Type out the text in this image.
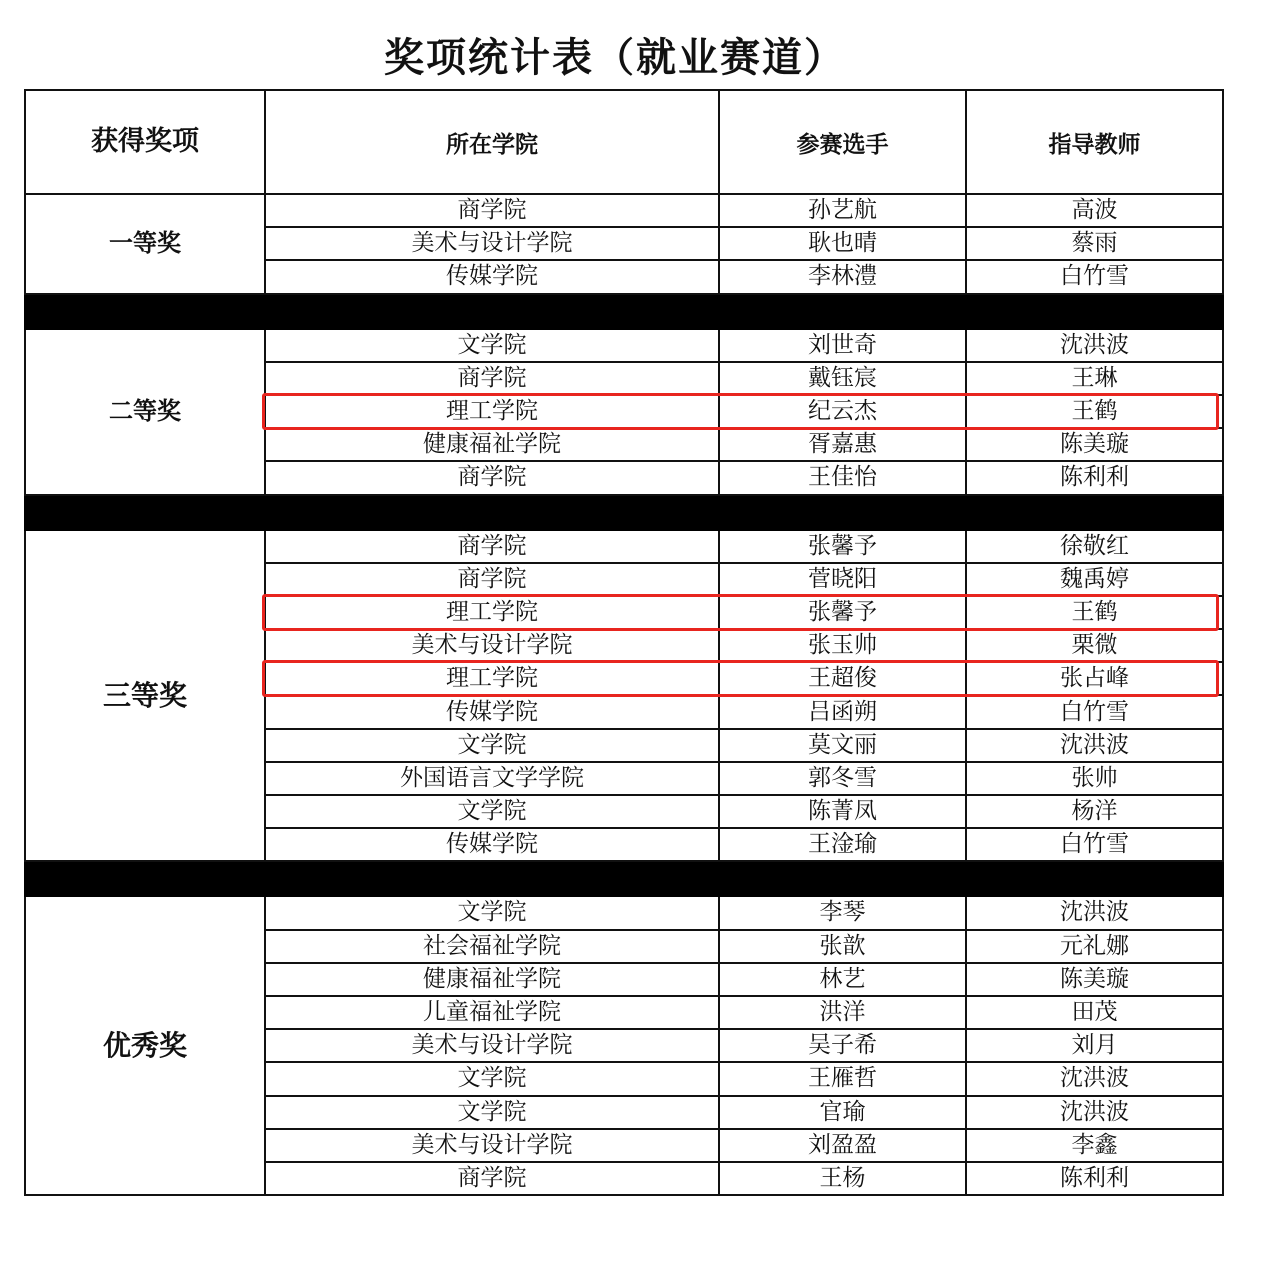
奖项统计表（就业赛道）
获得奖项	所在学院	参赛选手	指导教师
一等奖	商学院	孙艺航	高波
	美术与设计学院	耿也晴	蔡雨
	传媒学院	李林澧	白竹雪

二等奖	文学院	刘世奇	沈洪波
	商学院	戴钰宸	王琳
	理工学院	纪云杰	王鹤
	健康福祉学院	胥嘉惠	陈美璇
	商学院	王佳怡	陈利利

三等奖	商学院	张馨予	徐敬红
	商学院	菅晓阳	魏禹婷
	理工学院	张馨予	王鹤
	美术与设计学院	张玉帅	栗微
	理工学院	王超俊	张占峰
	传媒学院	吕函朔	白竹雪
	文学院	莫文丽	沈洪波
	外国语言文学学院	郭冬雪	张帅
	文学院	陈菁凤	杨洋
	传媒学院	王淦瑜	白竹雪

优秀奖	文学院	李琴	沈洪波
	社会福祉学院	张歆	元礼娜
	健康福祉学院	林艺	陈美璇
	儿童福祉学院	洪洋	田茂
	美术与设计学院	吴子希	刘月
	文学院	王雁哲	沈洪波
	文学院	官瑜	沈洪波
	美术与设计学院	刘盈盈	李鑫
	商学院	王杨	陈利利
